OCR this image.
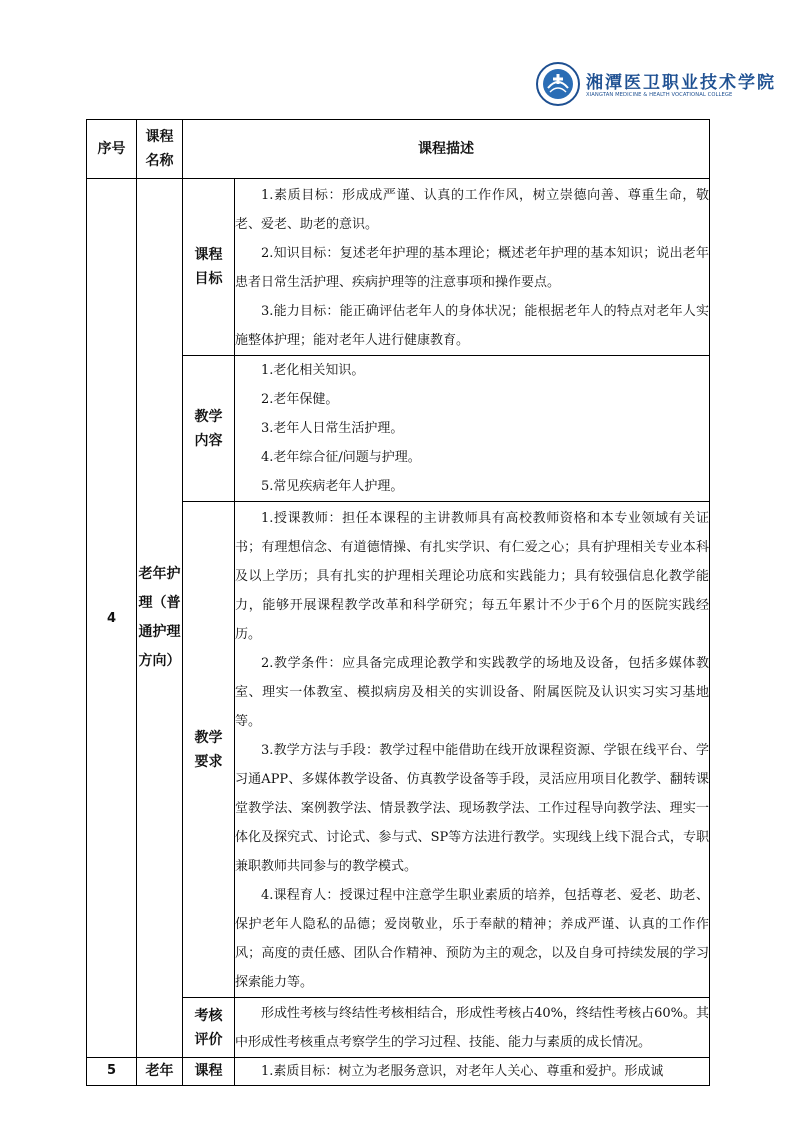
湘潭医卫职业技术学院
XIANGTAN MEDICINE & HEALTH VOCATIONAL COLLEGE
序号	课程名称	课程描述	
4	老年护理（普通护理方向）	课程目标	1.素质目标：形成成严谨、认真的工作作风，树立崇德向善、尊重生命，敬老、爱老、助老的意识。

2.知识目标：复述老年护理的基本理论；概述老年护理的基本知识；说出老年患者日常生活护理、疾病护理等的注意事项和操作要点。

3.能力目标：能正确评估老年人的身体状况；能根据老年人的特点对老年人实施整体护理；能对老年人进行健康教育。

		教学内容	1.老化相关知识。

2.老年保健。

3.老年人日常生活护理。

4.老年综合征/问题与护理。

5.常见疾病老年人护理。

		教学要求	1.授课教师：担任本课程的主讲教师具有高校教师资格和本专业领域有关证书；有理想信念、有道德情操、有扎实学识、有仁爱之心；具有护理相关专业本科及以上学历；具有扎实的护理相关理论功底和实践能力；具有较强信息化教学能力，能够开展课程教学改革和科学研究；每五年累计不少于6个月的医院实践经历。

2.教学条件：应具备完成理论教学和实践教学的场地及设备，包括多媒体教室、理实一体教室、模拟病房及相关的实训设备、附属医院及认识实习实习基地等。

3.教学方法与手段：教学过程中能借助在线开放课程资源、学银在线平台、学习通APP、多媒体教学设备、仿真教学设备等手段，灵活应用项目化教学、翻转课堂教学法、案例教学法、情景教学法、现场教学法、工作过程导向教学法、理实一体化及探究式、讨论式、参与式、SP等方法进行教学。实现线上线下混合式，专职兼职教师共同参与的教学模式。

4.课程育人：授课过程中注意学生职业素质的培养，包括尊老、爱老、助老、保护老年人隐私的品德；爱岗敬业，乐于奉献的精神；养成严谨、认真的工作作风；高度的责任感、团队合作精神、预防为主的观念，以及自身可持续发展的学习探索能力等。

		考核评价	形成性考核与终结性考核相结合，形成性考核占40%，终结性考核占60%。其中形成性考核重点考察学生的学习过程、技能、能力与素质的成长情况。

5	老年	课程	1.素质目标：树立为老服务意识，对老年人关心、尊重和爱护。形成诚
